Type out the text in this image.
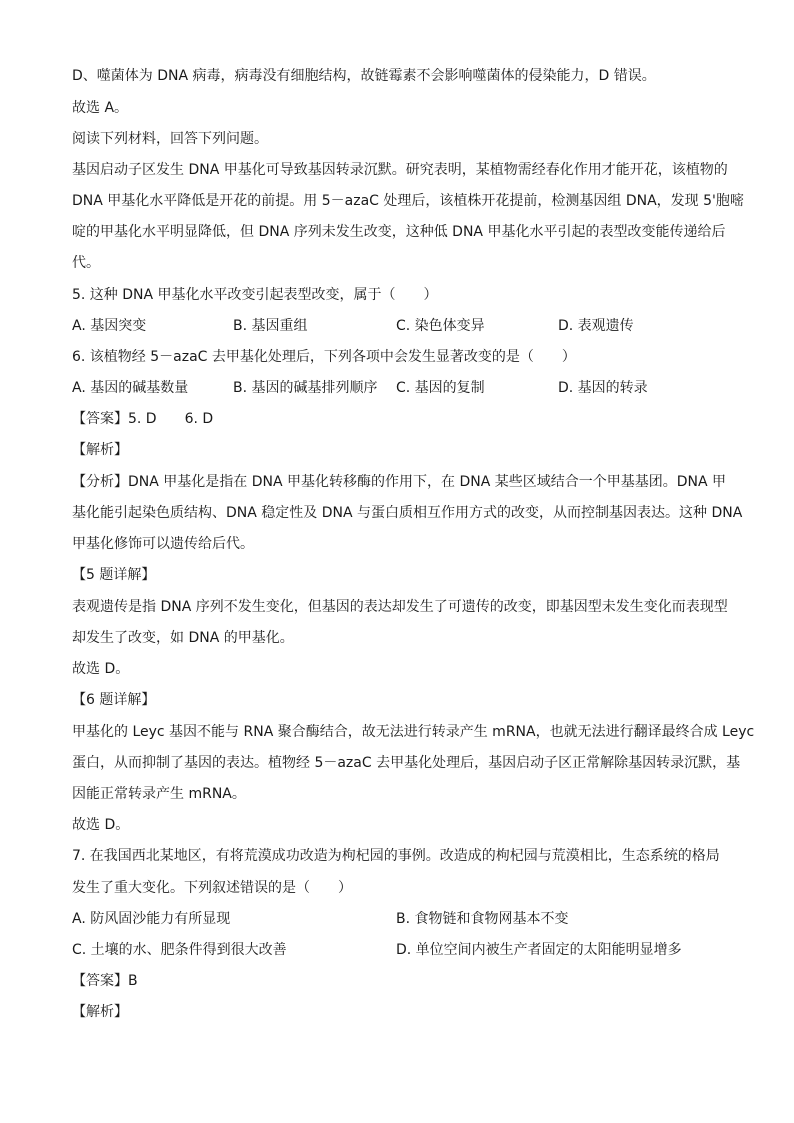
D、噬菌体为 DNA 病毒，病毒没有细胞结构，故链霉素不会影响噬菌体的侵染能力，D 错误。
故选 A。
阅读下列材料，回答下列问题。
基因启动子区发生 DNA 甲基化可导致基因转录沉默。研究表明，某植物需经春化作用才能开花，该植物的
DNA 甲基化水平降低是开花的前提。用 5－azaC 处理后，该植株开花提前，检测基因组 DNA，发现 5'胞嘧
啶的甲基化水平明显降低，但 DNA 序列未发生改变，这种低 DNA 甲基化水平引起的表型改变能传递给后
代。
5. 这种 DNA 甲基化水平改变引起表型改变，属于（　　）
A. 基因突变	B. 基因重组	C. 染色体变异	D. 表观遗传
6. 该植物经 5－azaC 去甲基化处理后，下列各项中会发生显著改变的是（　　）
A. 基因的碱基数量	B. 基因的碱基排列顺序 C. 基因的复制	D. 基因的转录
【答案】5. D　　6. D
【解析】
【分析】DNA 甲基化是指在 DNA 甲基化转移酶的作用下，在 DNA 某些区域结合一个甲基基团。DNA 甲
基化能引起染色质结构、DNA 稳定性及 DNA 与蛋白质相互作用方式的改变，从而控制基因表达。这种 DNA
甲基化修饰可以遗传给后代。
【5 题详解】
表观遗传是指 DNA 序列不发生变化，但基因的表达却发生了可遗传的改变，即基因型未发生变化而表现型
却发生了改变，如 DNA 的甲基化。
故选 D。
【6 题详解】
甲基化的 Leyc 基因不能与 RNA 聚合酶结合，故无法进行转录产生 mRNA，也就无法进行翻译最终合成 Leyc
蛋白，从而抑制了基因的表达。植物经 5－azaC 去甲基化处理后，基因启动子区正常解除基因转录沉默，基
因能正常转录产生 mRNA。
故选 D。
7. 在我国西北某地区，有将荒漠成功改造为枸杞园的事例。改造成的枸杞园与荒漠相比，生态系统的格局
发生了重大变化。下列叙述错误的是（　　）
A. 防风固沙能力有所显现	B. 食物链和食物网基本不变
C. 土壤的水、肥条件得到很大改善	D. 单位空间内被生产者固定的太阳能明显增多
【答案】B
【解析】
